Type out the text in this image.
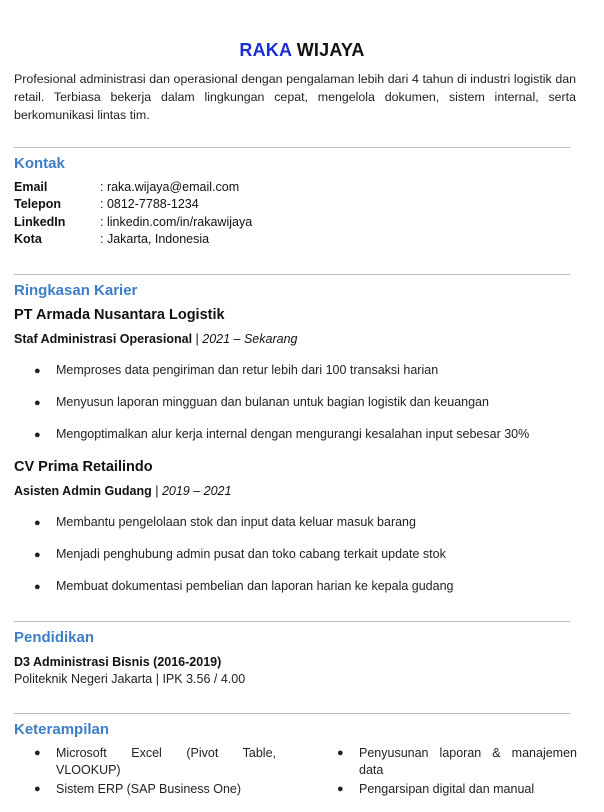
RAKA WIJAYA
Profesional administrasi dan operasional dengan pengalaman lebih dari 4 tahun di industri logistik dan retail. Terbiasa bekerja dalam lingkungan cepat, mengelola dokumen, sistem internal, serta berkomunikasi lintas tim.
Kontak
Email	: raka.wijaya@email.com
Telepon	: 0812-7788-1234
LinkedIn	: linkedin.com/in/rakawijaya
Kota	: Jakarta, Indonesia
Ringkasan Karier
PT Armada Nusantara Logistik
Staf Administrasi Operasional | 2021 – Sekarang
● Memproses data pengiriman dan retur lebih dari 100 transaksi harian
● Menyusun laporan mingguan dan bulanan untuk bagian logistik dan keuangan
● Mengoptimalkan alur kerja internal dengan mengurangi kesalahan input sebesar 30%
CV Prima Retailindo
Asisten Admin Gudang | 2019 – 2021
● Membantu pengelolaan stok dan input data keluar masuk barang
● Menjadi penghubung admin pusat dan toko cabang terkait update stok
● Membuat dokumentasi pembelian dan laporan harian ke kepala gudang
Pendidikan
D3 Administrasi Bisnis (2016-2019)
Politeknik Negeri Jakarta | IPK 3.56 / 4.00
Keterampilan
● Microsoft Excel (Pivot Table, VLOOKUP)
● Sistem ERP (SAP Business One)
● Penyusunan laporan & manajemen data
● Pengarsipan digital dan manual
